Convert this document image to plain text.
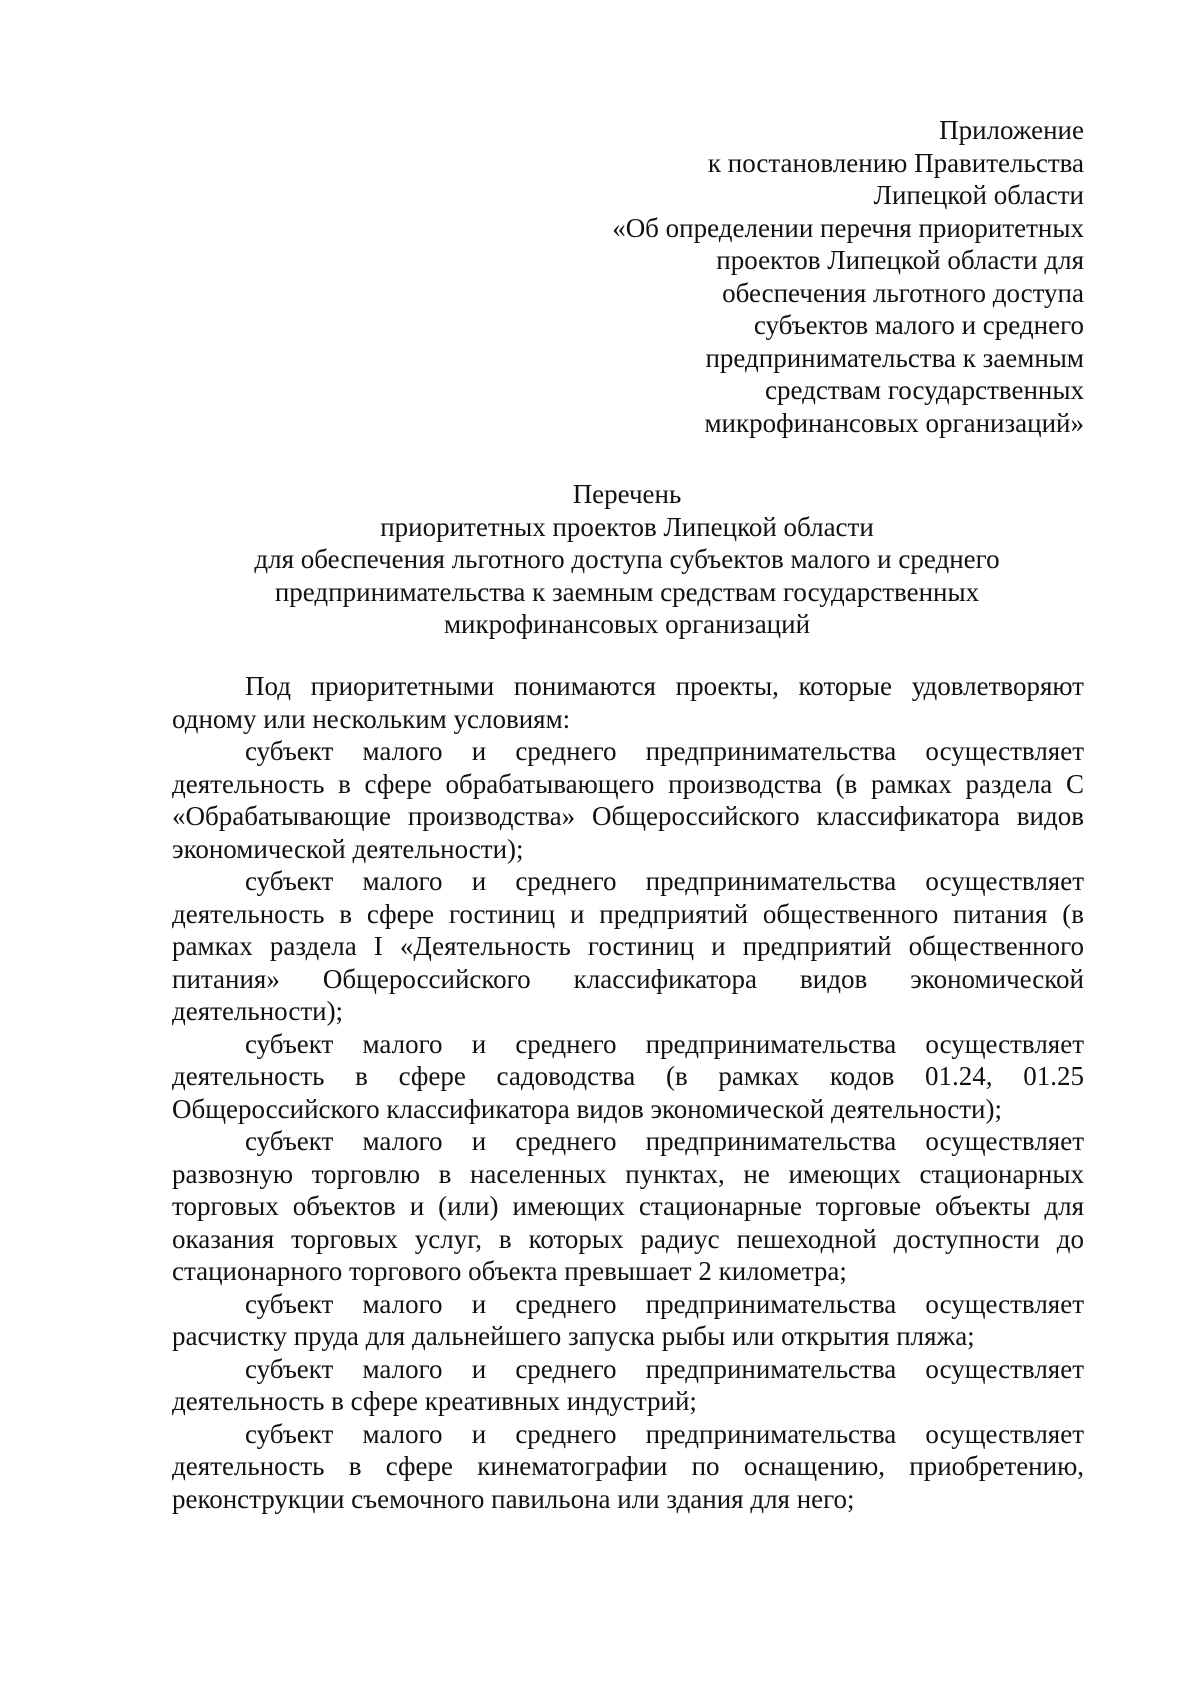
Приложение
к постановлению Правительства
Липецкой области
«Об определении перечня приоритетных
проектов Липецкой области для
обеспечения льготного доступа
субъектов малого и среднего
предпринимательства к заемным
средствам государственных
микрофинансовых организаций»
Перечень
приоритетных проектов Липецкой области
для обеспечения льготного доступа субъектов малого и среднего
предпринимательства к заемным средствам государственных
микрофинансовых организаций

Под приоритетными понимаются проекты, которые удовлетворяют одному или нескольким условиям:

субъект малого и среднего предпринимательства осуществляет деятельность в сфере обрабатывающего производства (в рамках раздела С «Обрабатывающие производства» Общероссийского классификатора видов экономической деятельности);

субъект малого и среднего предпринимательства осуществляет деятельность в сфере гостиниц и предприятий общественного питания (в рамках раздела I «Деятельность гостиниц и предприятий общественного питания» Общероссийского классификатора видов экономической деятельности);

субъект малого и среднего предпринимательства осуществляет деятельность в сфере садоводства (в рамках кодов 01.24, 01.25 Общероссийского классификатора видов экономической деятельности);

субъект малого и среднего предпринимательства осуществляет развозную торговлю в населенных пунктах, не имеющих стационарных торговых объектов и (или) имеющих стационарные торговые объекты для оказания торговых услуг, в которых радиус пешеходной доступности до стационарного торгового объекта превышает 2 километра;

субъект малого и среднего предпринимательства осуществляет расчистку пруда для дальнейшего запуска рыбы или открытия пляжа;

субъект малого и среднего предпринимательства осуществляет деятельность в сфере креативных индустрий;

субъект малого и среднего предпринимательства осуществляет деятельность в сфере кинематографии по оснащению, приобретению, реконструкции съемочного павильона или здания для него;
